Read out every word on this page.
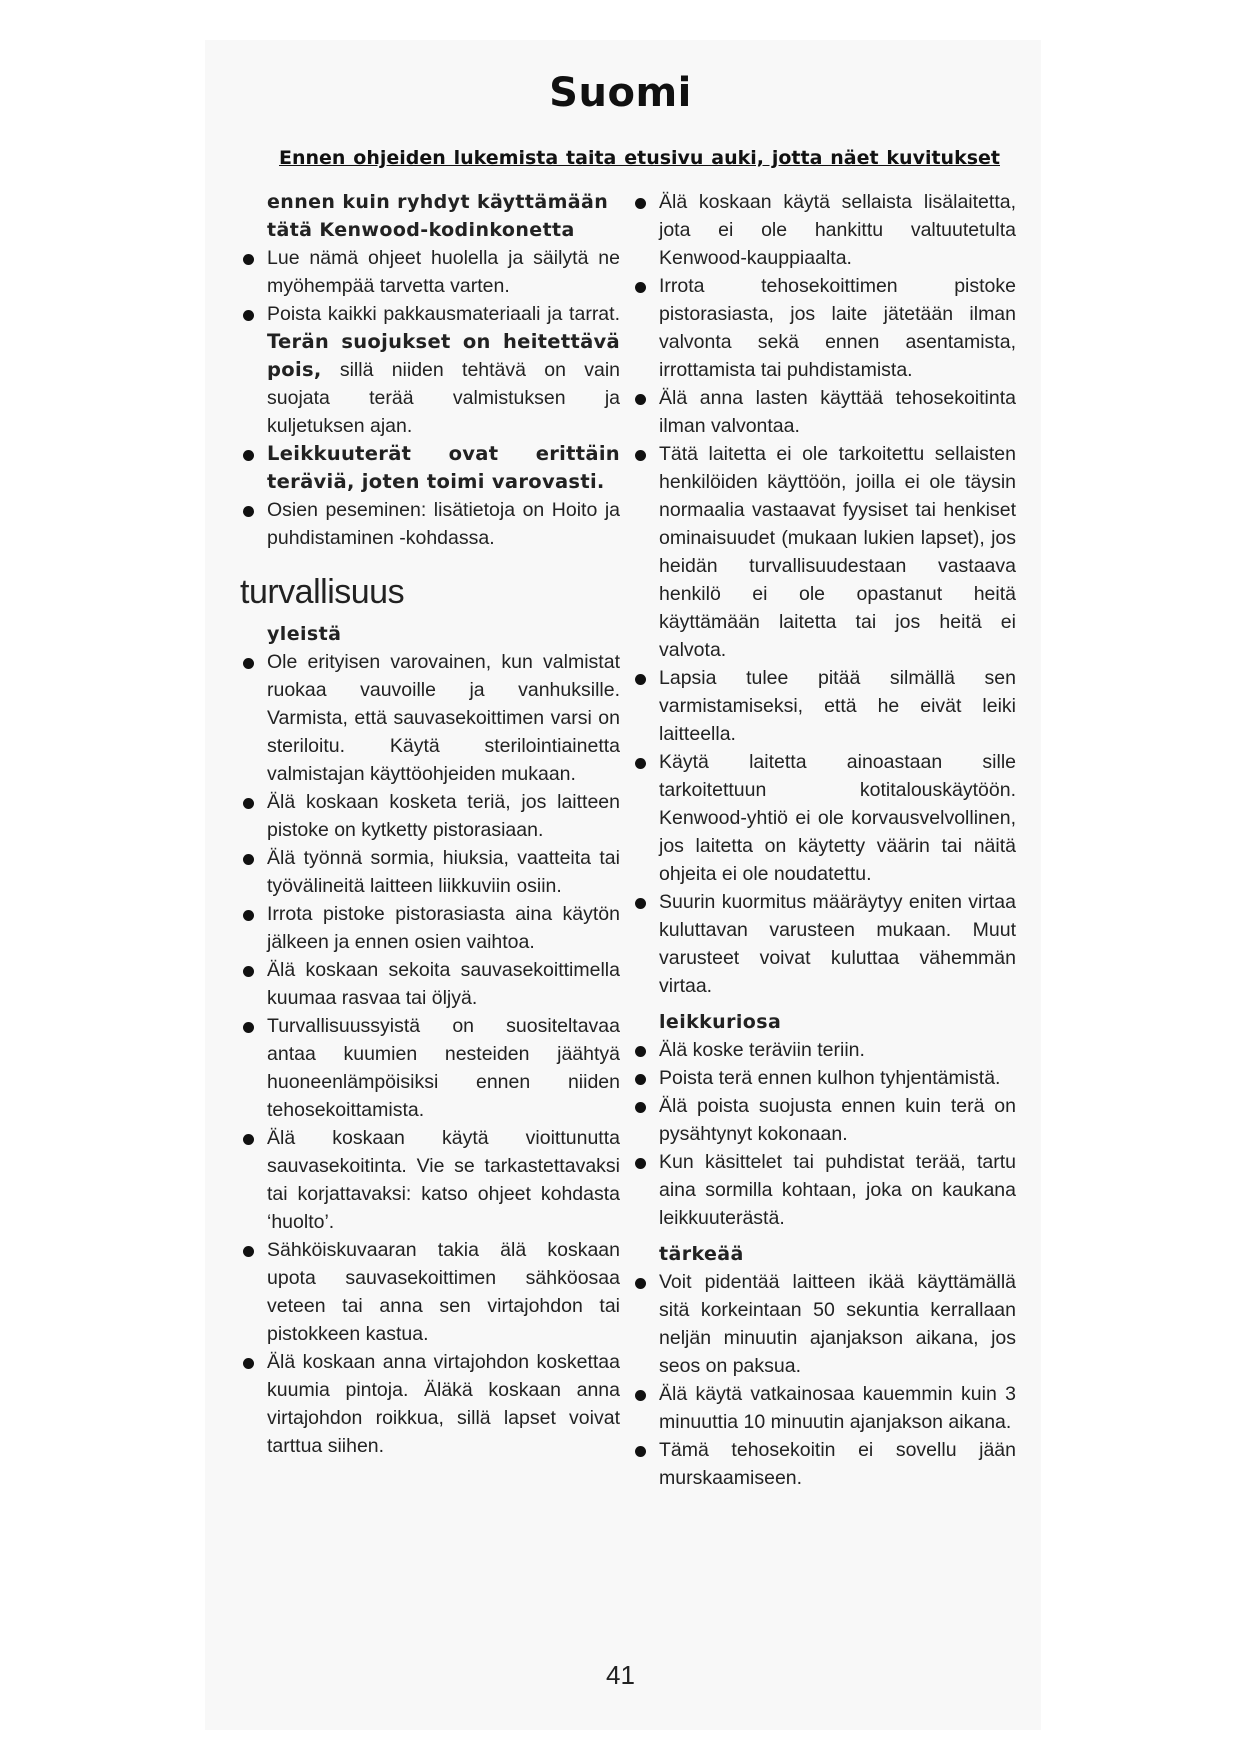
Suomi
Ennen ohjeiden lukemista taita etusivu auki, jotta näet kuvitukset

ennen kuin ryhdyt käyttämään tätä Kenwood-kodinkonetta

Lue nämä ohjeet huolella ja säilytä ne myöhempää tarvetta varten.
Poista kaikki pakkausmateriaali ja tarrat. Terän suojukset on heitettävä pois, sillä niiden tehtävä on vain suojata terää valmistuksen ja kuljetuksen ajan.
Leikkuuterät ovat erittäin teräviä, joten toimi varovasti.
Osien peseminen: lisätietoja on Hoito ja puhdistaminen -kohdassa.
turvallisuus

yleistä

Ole erityisen varovainen, kun valmistat ruokaa vauvoille ja vanhuksille. Varmista, että sauvasekoittimen varsi on steriloitu. Käytä sterilointiainetta valmistajan käyttöohjeiden mukaan.
Älä koskaan kosketa teriä, jos laitteen pistoke on kytketty pistorasiaan.
Älä työnnä sormia, hiuksia, vaatteita tai työvälineitä laitteen liikkuviin osiin.
Irrota pistoke pistorasiasta aina käytön jälkeen ja ennen osien vaihtoa.
Älä koskaan sekoita sauvasekoittimella kuumaa rasvaa tai öljyä.
Turvallisuussyistä on suositeltavaa antaa kuumien nesteiden jäähtyä huoneenlämpöisiksi ennen niiden tehosekoittamista.
Älä koskaan käytä vioittunutta sauvasekoitinta. Vie se tarkastettavaksi tai korjattavaksi: katso ohjeet kohdasta ‘huolto’.
Sähköiskuvaaran takia älä koskaan upota sauvasekoittimen sähköosaa veteen tai anna sen virtajohdon tai pistokkeen kastua.
Älä koskaan anna virtajohdon koskettaa kuumia pintoja. Äläkä koskaan anna virtajohdon roikkua, sillä lapset voivat tarttua siihen.
Älä koskaan käytä sellaista lisälaitetta, jota ei ole hankittu valtuutetulta Kenwood-kauppiaalta.
Irrota tehosekoittimen pistoke pistorasiasta, jos laite jätetään ilman valvonta sekä ennen asentamista, irrottamista tai puhdistamista.
Älä anna lasten käyttää tehosekoitinta ilman valvontaa.
Tätä laitetta ei ole tarkoitettu sellaisten henkilöiden käyttöön, joilla ei ole täysin normaalia vastaavat fyysiset tai henkiset ominaisuudet (mukaan lukien lapset), jos heidän turvallisuudestaan vastaava henkilö ei ole opastanut heitä käyttämään laitetta tai jos heitä ei valvota.
Lapsia tulee pitää silmällä sen varmistamiseksi, että he eivät leiki laitteella.
Käytä laitetta ainoastaan sille tarkoitettuun kotitalouskäytöön. Kenwood-yhtiö ei ole korvausvelvollinen, jos laitetta on käytetty väärin tai näitä ohjeita ei ole noudatettu.
Suurin kuormitus määräytyy eniten virtaa kuluttavan varusteen mukaan. Muut varusteet voivat kuluttaa vähemmän virtaa.

leikkuriosa

Älä koske teräviin teriin.
Poista terä ennen kulhon tyhjentämistä.
Älä poista suojusta ennen kuin terä on pysähtynyt kokonaan.
Kun käsittelet tai puhdistat terää, tartu aina sormilla kohtaan, joka on kaukana leikkuuterästä.

tärkeää

Voit pidentää laitteen ikää käyttämällä sitä korkeintaan 50 sekuntia kerrallaan neljän minuutin ajanjakson aikana, jos seos on paksua.
Älä käytä vatkainosaa kauemmin kuin 3 minuuttia 10 minuutin ajanjakson aikana.
Tämä tehosekoitin ei sovellu jään murskaamiseen.
41
